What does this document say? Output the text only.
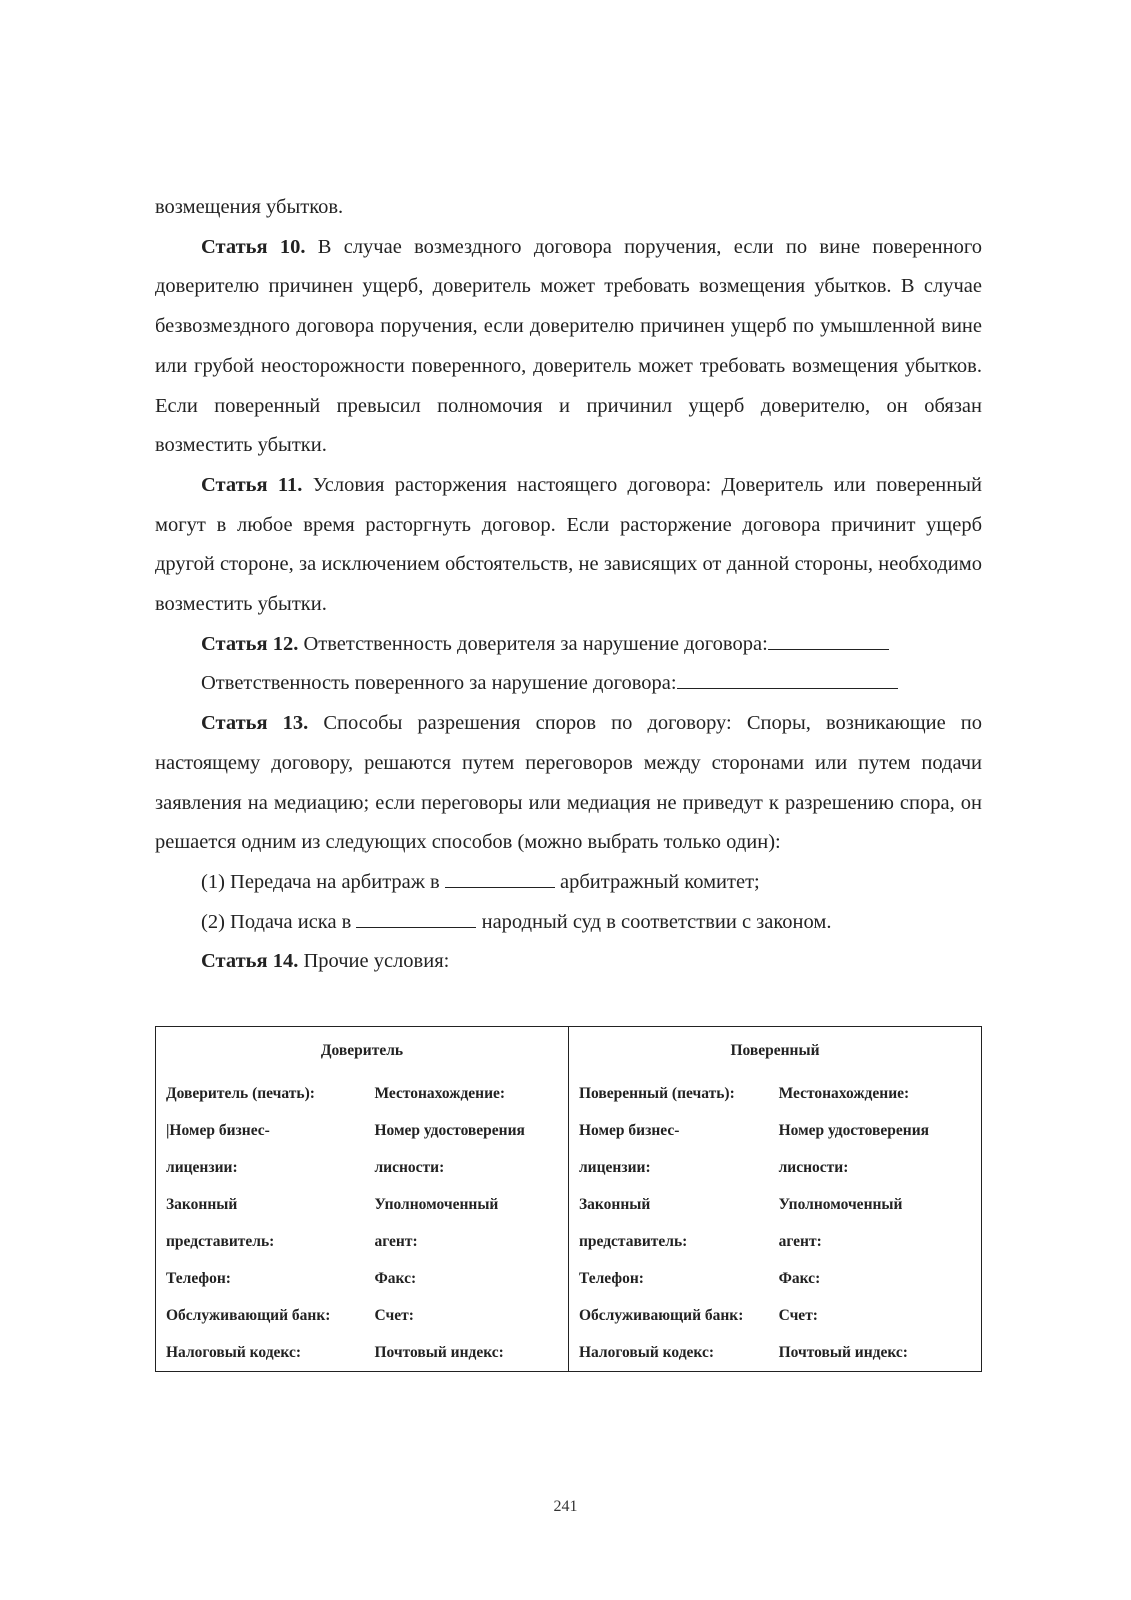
возмещения убытков.

Статья 10. В случае возмездного договора поручения, если по вине поверенного доверителю причинен ущерб, доверитель может требовать возмещения убытков. В случае безвозмездного договора поручения, если доверителю причинен ущерб по умышленной вине или грубой неосторожности поверенного, доверитель может требовать возмещения убытков. Если поверенный превысил полномочия и причинил ущерб доверителю, он обязан возместить убытки.

Статья 11. Условия расторжения настоящего договора: Доверитель или поверенный могут в любое время расторгнуть договор. Если расторжение договора причинит ущерб другой стороне, за исключением обстоятельств, не зависящих от данной стороны, необходимо возместить убытки.

Статья 12. Ответственность доверителя за нарушение договора:

Ответственность поверенного за нарушение договора:

Статья 13. Способы разрешения споров по договору: Споры, возникающие по настоящему договору, решаются путем переговоров между сторонами или путем подачи заявления на медиацию; если переговоры или медиация не приведут к разрешению спора, он решается одним из следующих способов (можно выбрать только один):

(1) Передача на арбитраж в	арбитражный комитет;
(2) Подача иска в	народный суд в соответствии с законом.
Статья 14. Прочие условия:
Доверитель		Поверенный	
Доверитель (печать):	Местонахождение:	Поверенный (печать):	Местонахождение:
|Номер бизнес-	Номер удостоверения	Номер бизнес-	Номер удостоверения
лицензии:	лисности:	лицензии:	лисности:
Законный	Уполномоченный	Законный	Уполномоченный
представитель:	агент:	представитель:	агент:
Телефон:	Факс:	Телефон:	Факс:
Обслуживающий банк:	Счет:	Обслуживающий банк:	Счет:
Налоговый кодекс:	Почтовый индекс:	Налоговый кодекс:	Почтовый индекс:
241
